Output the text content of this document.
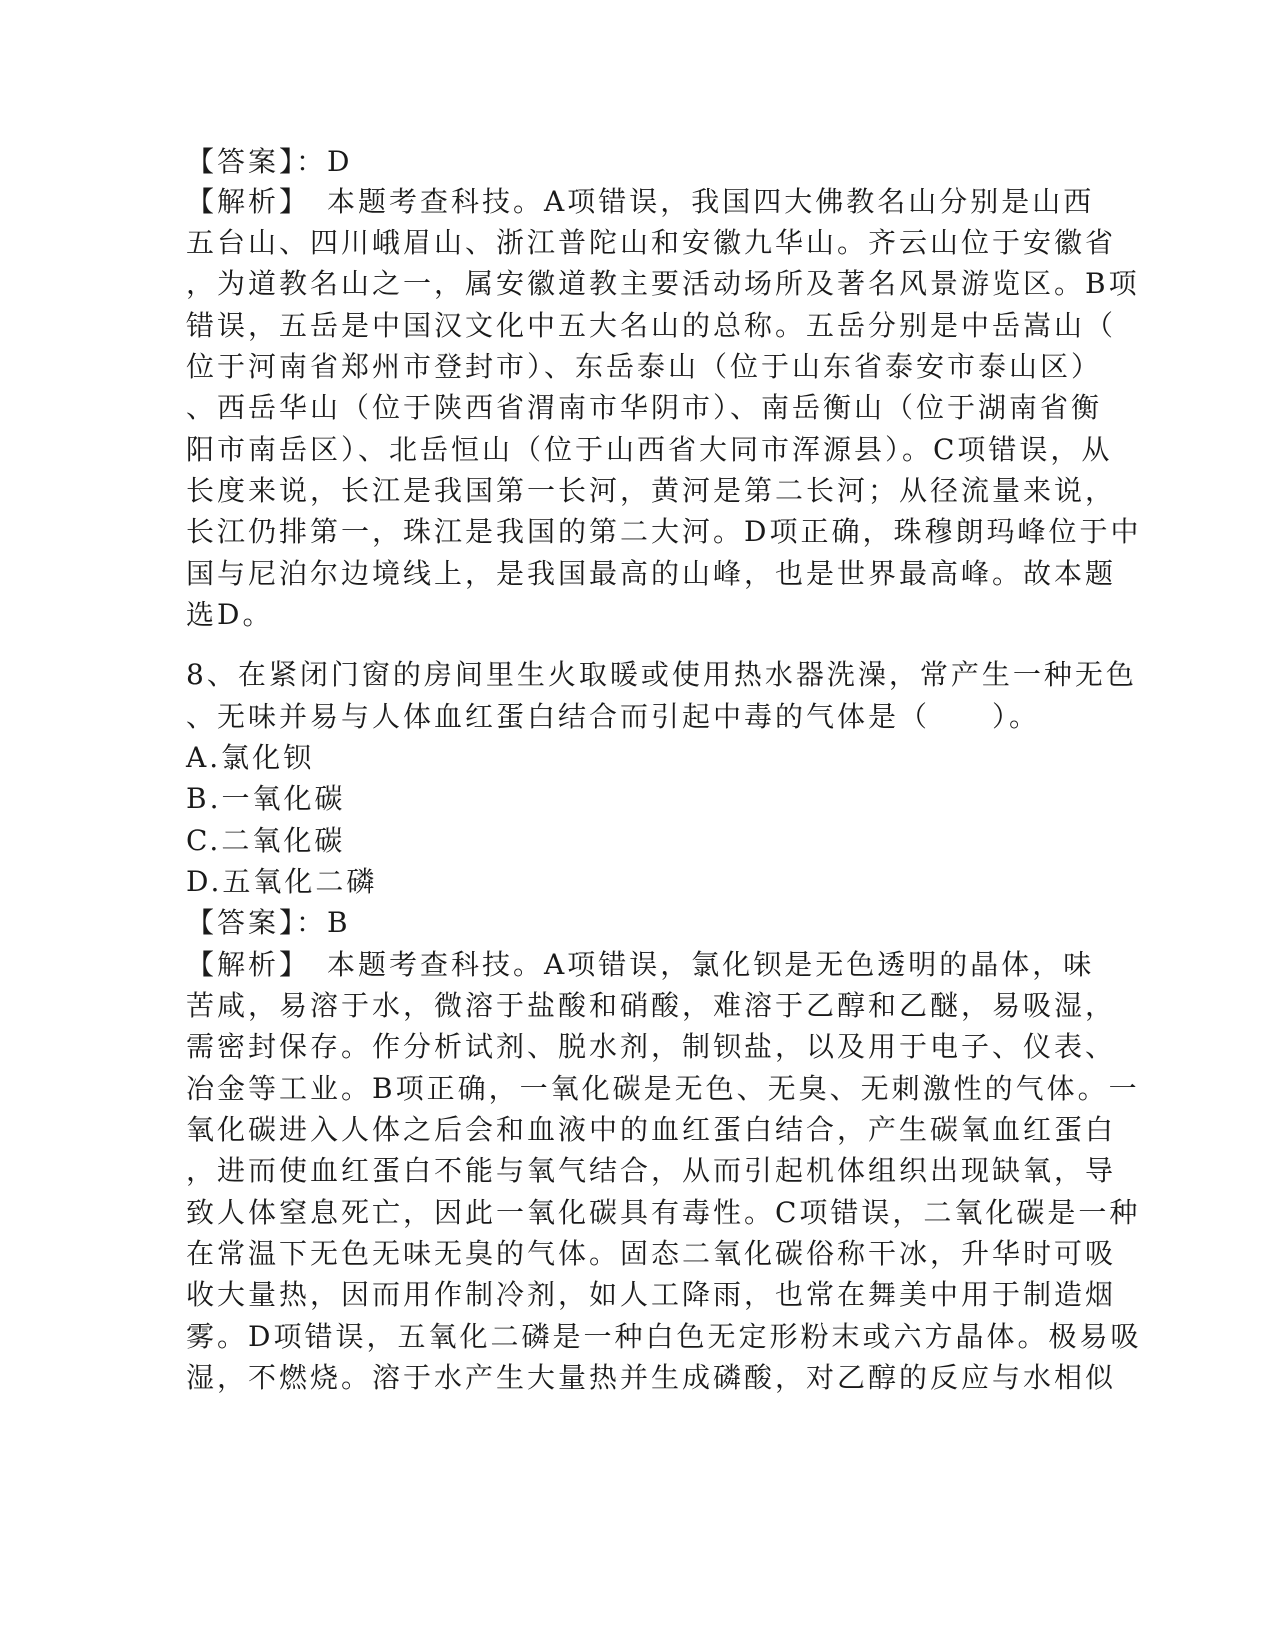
【答案】：D
【解析】　本题考查科技。A项错误，我国四大佛教名山分别是山西
五台山、四川峨眉山、浙江普陀山和安徽九华山。齐云山位于安徽省
，为道教名山之一，属安徽道教主要活动场所及著名风景游览区。B项
错误，五岳是中国汉文化中五大名山的总称。五岳分别是中岳嵩山（
位于河南省郑州市登封市）、东岳泰山（位于山东省泰安市泰山区）
、西岳华山（位于陕西省渭南市华阴市）、南岳衡山（位于湖南省衡
阳市南岳区）、北岳恒山（位于山西省大同市浑源县）。C项错误，从
长度来说，长江是我国第一长河，黄河是第二长河；从径流量来说，
长江仍排第一，珠江是我国的第二大河。D项正确，珠穆朗玛峰位于中
国与尼泊尔边境线上，是我国最高的山峰，也是世界最高峰。故本题
选D。
8、在紧闭门窗的房间里生火取暖或使用热水器洗澡，常产生一种无色
、无味并易与人体血红蛋白结合而引起中毒的气体是（　　）。
A.氯化钡
B.一氧化碳
C.二氧化碳
D.五氧化二磷
【答案】：B
【解析】　本题考查科技。A项错误，氯化钡是无色透明的晶体，味
苦咸，易溶于水，微溶于盐酸和硝酸，难溶于乙醇和乙醚，易吸湿，
需密封保存。作分析试剂、脱水剂，制钡盐，以及用于电子、仪表、
冶金等工业。B项正确，一氧化碳是无色、无臭、无刺激性的气体。一
氧化碳进入人体之后会和血液中的血红蛋白结合，产生碳氧血红蛋白
，进而使血红蛋白不能与氧气结合，从而引起机体组织出现缺氧，导
致人体窒息死亡，因此一氧化碳具有毒性。C项错误，二氧化碳是一种
在常温下无色无味无臭的气体。固态二氧化碳俗称干冰，升华时可吸
收大量热，因而用作制冷剂，如人工降雨，也常在舞美中用于制造烟
雾。D项错误，五氧化二磷是一种白色无定形粉末或六方晶体。极易吸
湿，不燃烧。溶于水产生大量热并生成磷酸，对乙醇的反应与水相似
